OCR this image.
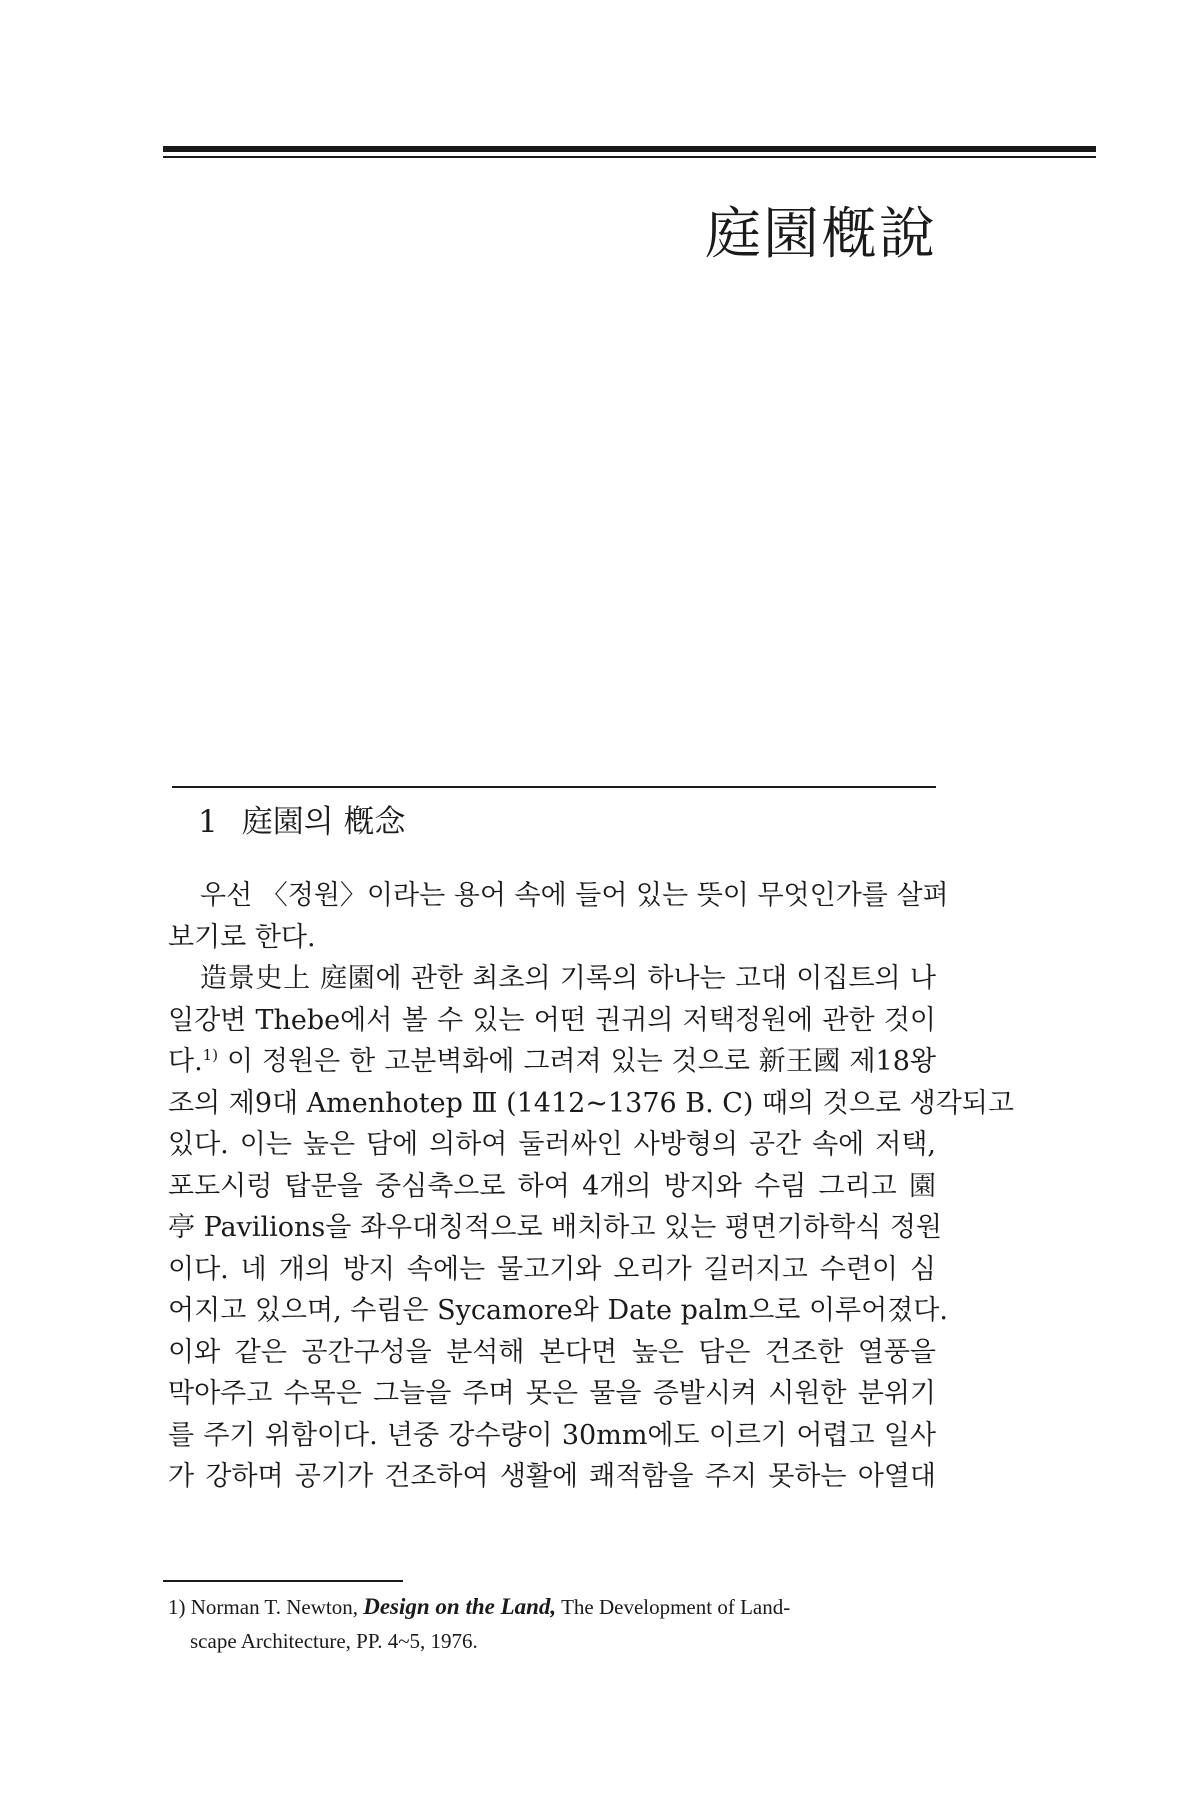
庭園槪說
1 庭園의 槪念

우선 〈정원〉이라는 용어 속에 들어 있는 뜻이 무엇인가를 살펴
보기로 한다.

造景史上 庭園에 관한 최초의 기록의 하나는 고대 이집트의 나
일강변 Thebe에서 볼 수 있는 어떤 권귀의 저택정원에 관한 것이
다.$^{1)}$ 이 정원은 한 고분벽화에 그려져 있는 것으로 新王國 제18왕
조의 제9대 Amenhotep Ⅲ (1412~1376 B. C) 때의 것으로 생각되고
있다. 이는 높은 담에 의하여 둘러싸인 사방형의 공간 속에 저택,
포도시렁 탑문을 중심축으로 하여 4개의 방지와 수림 그리고 園
亭 Pavilions을 좌우대칭적으로 배치하고 있는 평면기하학식 정원
이다. 네 개의 방지 속에는 물고기와 오리가 길러지고 수련이 심
어지고 있으며, 수림은 Sycamore와 Date palm으로 이루어졌다.
이와 같은 공간구성을 분석해 본다면 높은 담은 건조한 열풍을
막아주고 수목은 그늘을 주며 못은 물을 증발시켜 시원한 분위기
를 주기 위함이다. 년중 강수량이 30mm에도 이르기 어렵고 일사
가 강하며 공기가 건조하여 생활에 쾌적함을 주지 못하는 아열대

1) Norman T. Newton, Design on the Land, The Development of Land-
scape Architecture, PP. 4~5, 1976.
